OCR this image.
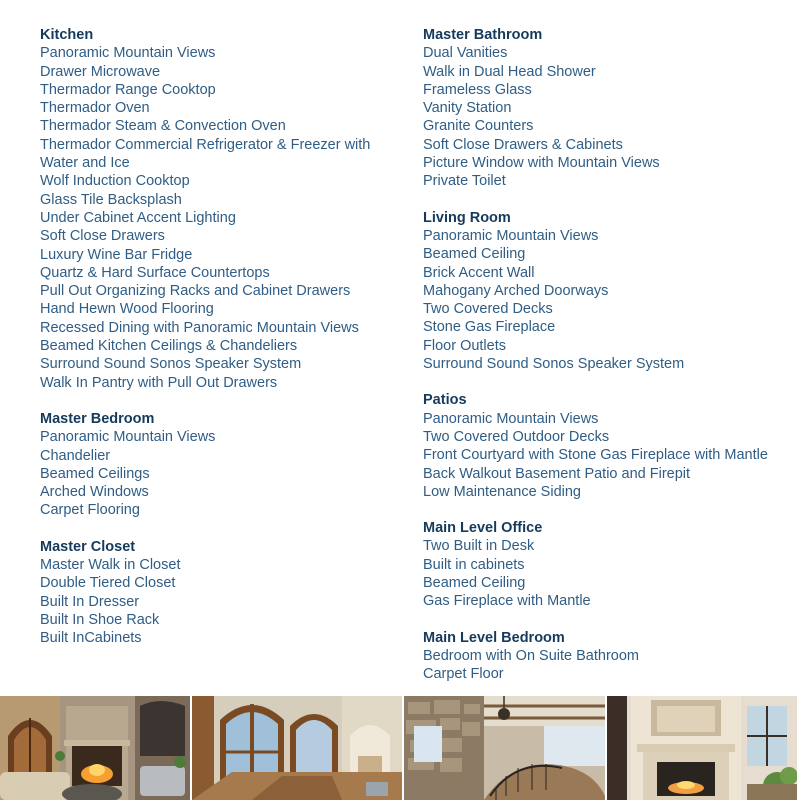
Kitchen
Panoramic Mountain Views
Drawer Microwave
Thermador Range Cooktop
Thermador Oven
Thermador Steam & Convection Oven
Thermador Commercial Refrigerator & Freezer with Water and Ice
Wolf Induction Cooktop
Glass Tile Backsplash
Under Cabinet Accent Lighting
Soft Close Drawers
Luxury Wine Bar Fridge
Quartz & Hard Surface Countertops
Pull Out Organizing Racks and Cabinet Drawers
Hand Hewn Wood Flooring
Recessed Dining with Panoramic Mountain Views
Beamed Kitchen Ceilings & Chandeliers
Surround Sound Sonos Speaker System
Walk In Pantry with Pull Out Drawers
Master Bedroom
Panoramic Mountain Views
Chandelier
Beamed Ceilings
Arched Windows
Carpet Flooring
Master Closet
Master Walk in Closet
Double Tiered Closet
Built In Dresser
Built In Shoe Rack
Built InCabinets
Master Bathroom
Dual Vanities
Walk in Dual Head Shower
Frameless Glass
Vanity Station
Granite Counters
Soft Close Drawers & Cabinets
Picture Window with Mountain Views
Private Toilet
Living Room
Panoramic Mountain Views
Beamed Ceiling
Brick Accent Wall
Mahogany Arched Doorways
Two Covered Decks
Stone Gas Fireplace
Floor Outlets
Surround Sound Sonos Speaker System
Patios
Panoramic Mountain Views
Two Covered Outdoor Decks
Front Courtyard with Stone Gas Fireplace with Mantle
Back Walkout Basement Patio and Firepit
Low Maintenance Siding
Main Level Office
Two Built in Desk
Built in cabinets
Beamed Ceiling
Gas Fireplace with Mantle
Main Level Bedroom
Bedroom with On Suite Bathroom
Carpet Floor
